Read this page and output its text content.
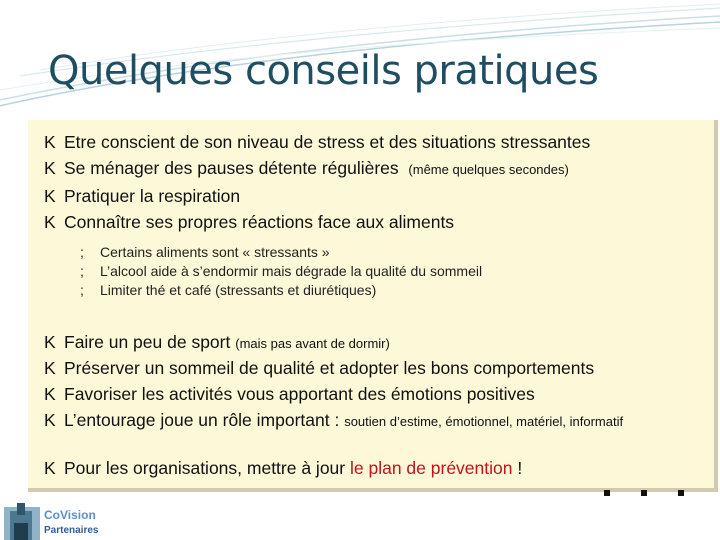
Quelques conseils pratiques
K Etre conscient de son niveau de stress et des situations stressantes
K Se ménager des pauses détente régulières (même quelques secondes)
K Pratiquer la respiration
K Connaître ses propres réactions face aux aliments
; Certains aliments sont « stressants »
; L’alcool aide à s’endormir mais dégrade la qualité du sommeil
; Limiter thé et café (stressants et diurétiques)
K Faire un peu de sport (mais pas avant de dormir)
K Préserver un sommeil de qualité et adopter les bons comportements
K Favoriser les activités vous apportant des émotions positives
K L’entourage joue un rôle important : soutien d’estime, émotionnel, matériel, informatif
K Pour les organisations, mettre à jour le plan de prévention !
CoVision
Partenaires
